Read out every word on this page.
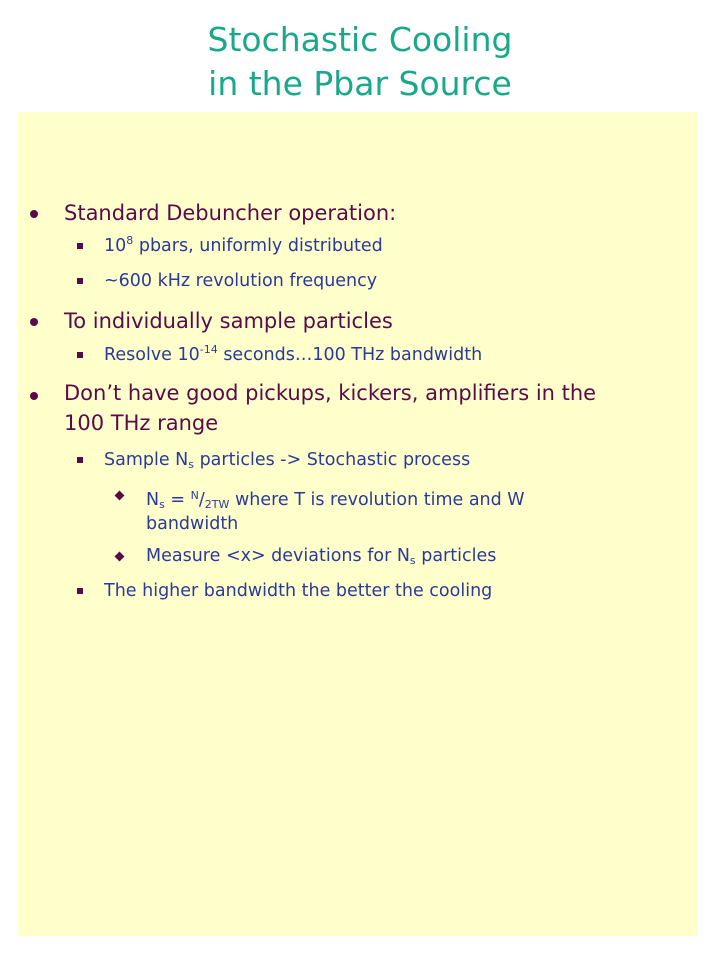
Stochastic Cooling
in the Pbar Source
Standard Debuncher operation:
$10^8$ pbars, uniformly distributed
~600 kHz revolution frequency
To individually sample particles
Resolve $10^{-14}$ seconds…100 THz bandwidth
Don’t have good pickups, kickers, amplifiers in the
100 THz range
Sample $N_s$ particles -> Stochastic process
$N_s = ^N/_{2TW}$ where T is revolution time and W
bandwidth
Measure <x> deviations for $N_s$ particles
The higher bandwidth the better the cooling
